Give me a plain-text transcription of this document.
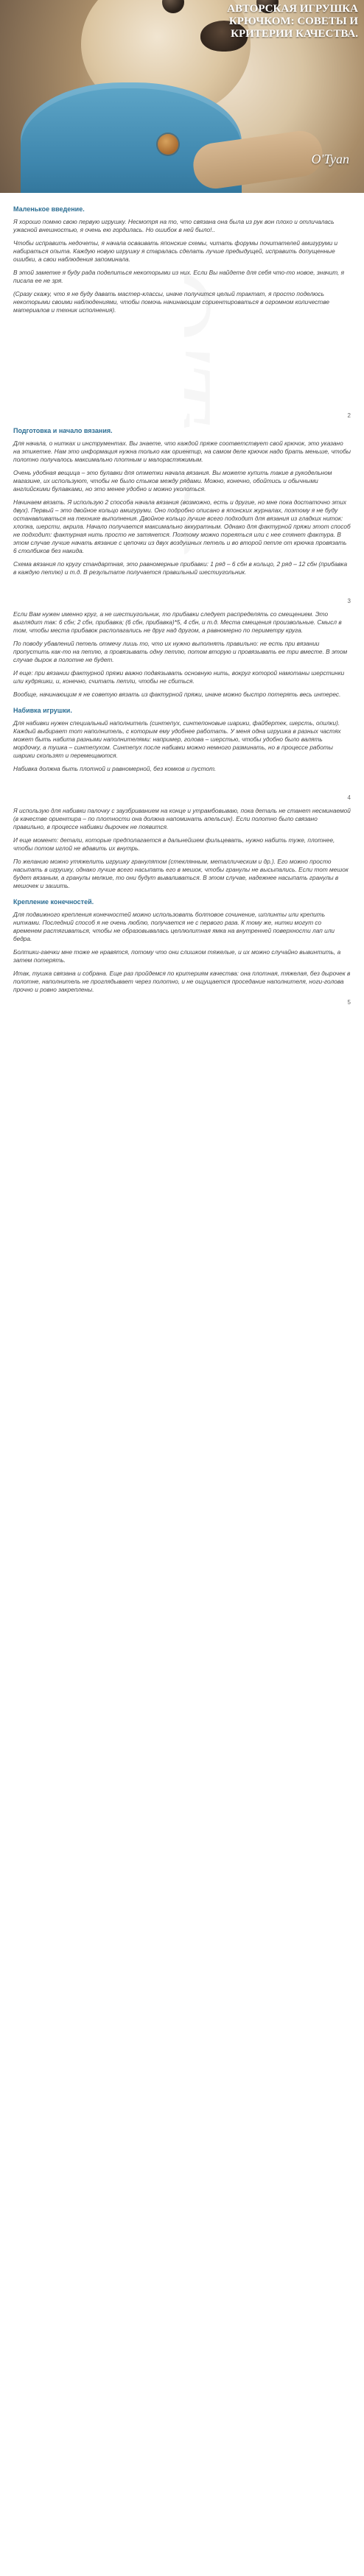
АВТОРСКАЯ ИГРУШКА КРЮЧКОМ: СОВЕТЫ И КРИТЕРИИ КАЧЕСТВА.
O'Tyan
Маленькое введение.

Я хорошо помню свою первую игрушку. Несмотря на то, что связана она была из рук вон плохо и отличалась ужасной внешностью, я очень ею гордилась. Но ошибок в ней было!..

Чтобы исправить недочеты, я начала осваивать японские схемы, читать форумы почитателей амигуруми и набираться опыта. Каждую новую игрушку я старалась сделать лучше предыдущей, исправить допущенные ошибки, а свои наблюдения запоминала.

В этой заметке я буду рада поделиться некоторыми из них. Если Вы найдете для себя что-то новое, значит, я писала ее не зря.

(Сразу скажу, что я не буду давать мастер-классы, иначе получится целый трактат, я просто поделюсь некоторыми своими наблюдениями, чтобы помочь начинающим сориентироваться в огромном количестве материалов и техник исполнения).

2
Подготовка и начало вязания.

Для начала, о нитках и инструментах. Вы знаете, что каждой пряже соответствует свой крючок, это указано на этикетке. Нам это информация нужна только как ориентир, на самом деле крючок надо брать меньше, чтобы полотно получалось максимально плотным и малорастяжимым.

Очень удобная вещица – это булавки для отметки начала вязания. Вы можете купить такие в рукодельном магазине, их используют, чтобы не было стыков между рядами. Можно, конечно, обойтись и обычными английскими булавками, но это менее удобно и можно уколоться.

Начинаем вязать. Я использую 2 способа начала вязания (возможно, есть и другие, но мне пока достаточно этих двух). Первый – это двойное кольцо амигуруми. Оно подробно описано в японских журналах, поэтому я не буду останавливаться на технике выполнения. Двойное кольцо лучше всего подходит для вязания из гладких ниток: хлопка, шерсти, акрила. Начало получается максимально аккуратным. Однако для фактурной пряжи этот способ не подходит: фактурная нить просто не затянется. Поэтому можно пореяться или с нее стянет фактура. В этом случае лучше начать вязание с цепочки из двух воздушных петель и во второй петле от крючка провязать 6 столбиков без накида.

Схема вязания по кругу стандартная, это равномерные прибавки: 1 ряд – 6 сбн в кольцо, 2 ряд – 12 сбн (прибавка в каждую петлю) и т.д. В результате получается правильный шестиугольник.

3

Если Вам нужен именно круг, а не шестиугольник, то прибавки следует распределять со смещением. Это выглядит так: 6 сбн; 2 сбн, прибавка; (6 сбн, прибавка)*5, 4 сбн, и т.д. Места смещения произвольные. Смысл в том, чтобы места прибавок располагались не друг над другом, а равномерно по периметру круга.

По поводу убавлений петель отмечу лишь то, что их нужно выполнять правильно: не есть при вязании пропустить как-то на петлю, а провязывать одну петлю, потом вторую и провязывать ее три вместе. В этом случае дырок в полотне не будет.

И еще: при вязании фактурной пряжи важно подвязывать основную нить, вокруг которой намотаны шерстинки или кудряшки, и, конечно, считать петли, чтобы не сбиться.

Вообще, начинающим я не советую вязать из фактурной пряжи, иначе можно быстро потерять весь интерес.

Набивка игрушки.

Для набивки нужен специальный наполнитель (синтепух, синтепоновые шарики, файбертек, шерсть, опилки). Каждый выбирает тот наполнитель, с которым ему удобнее работать. У меня одна игрушка в разных частях может быть набита разными наполнителями: например, голова – шерстью, чтобы удобно было валять мордочку, а тушка – синтепухом. Синтепух после набивки можно немного разминать, но в процессе работы шарики скользят и перемещаются.

Набивка должна быть плотной и равномерной, без комков и пустот.

4

Я использую для набивки палочку с заузбриванием на конце и утрамбовываю, пока деталь не станет несминаемой (в качестве ориентира – по плотности она должна напоминать апельсин). Если полотно было связано правильно, в процессе набивки дырочек не появится.

И еще момент: детали, которые предполагается в дальнейшем фильцевать, нужно набить туже, плотнее, чтобы потом иглой не вдавить их внутрь.

По желанию можно утяжелить игрушку гранулятом (стеклянным, металлическим и др.). Его можно просто насыпать в игрушку, однако лучше всего насыпать его в мешок, чтобы гранулы не высыпались. Если тот мешок будет вязаным, а гранулы мелкие, то они будут вываливаться. В этом случае, надежнее насыпать гранулы в мешочек и зашить.

Крепление конечностей.

Для подвижного крепления конечностей можно использовать болтовое сочинение, шплинты или крепить нитками. Последний способ я не очень люблю, получается не с первого раза. К тому же, нитки могут со временем растягиваться, чтобы не образовывалась целлюлитная ямка на внутренней поверхности лап или бедра.

Болтики-гаечки мне тоже не нравятся, потому что они слишком тяжелые, и их можно случайно вывинтить, а затем потерять.

Итак, тушка связана и собрана. Еще раз пройдемся по критериям качества: она плотная, тяжелая, без дырочек в полотне, наполнитель не проглядывает через полотно, и не ощущается проседание наполнителя, ноги-голова прочно и ровно закреплены.

5
